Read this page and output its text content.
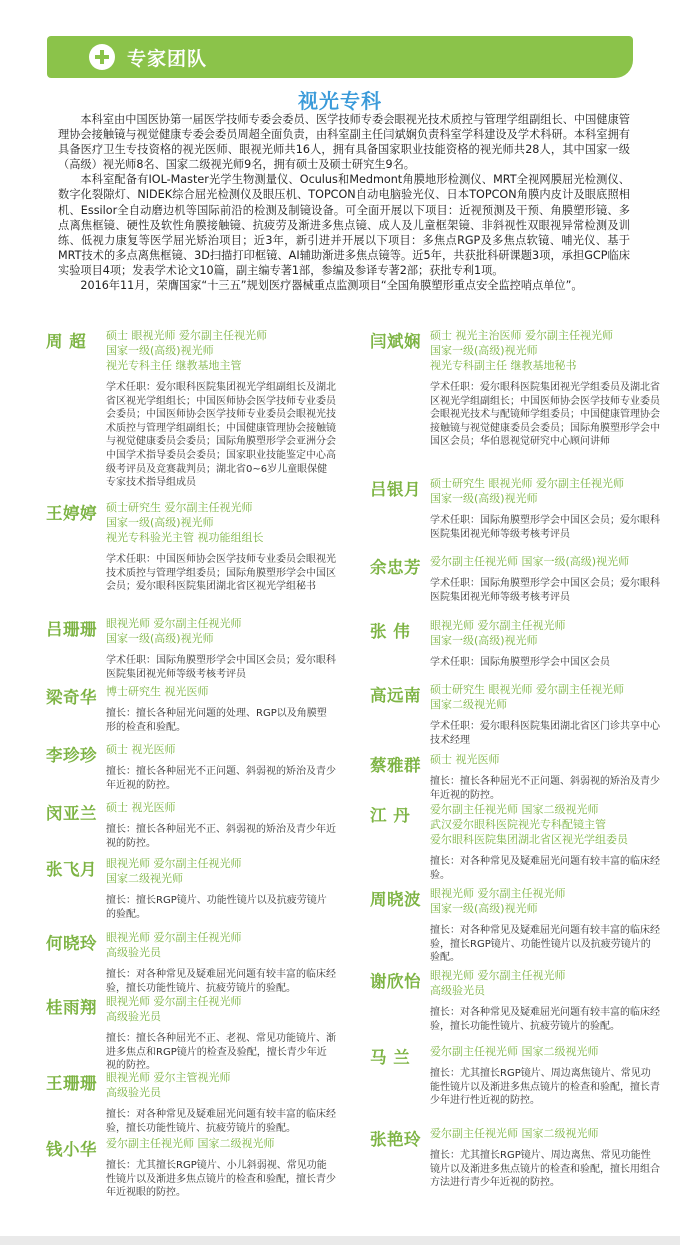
专家团队
视光专科

本科室由中国医协第一届医学技师专委会委员、医学技师专委会眼视光技术质控与管理学组副组长、中国健康管理协会接触镜与视觉健康专委会委员周超全面负责，由科室副主任闫斌娴负责科室学科建设及学术科研。本科室拥有具备医疗卫生专技资格的视光医师、眼视光师共16人，拥有具备国家职业技能资格的视光师共28人，其中国家一级（高级）视光师8名、国家二级视光师9名，拥有硕士及硕士研究生9名。

本科室配备有IOL-Master光学生物测量仪、Oculus和Medmont角膜地形检测仪、MRT全视网膜屈光检测仪、数字化裂隙灯、NIDEK综合屈光检测仪及眼压机、TOPCON自动电脑验光仪、日本TOPCON角膜内皮计及眼底照相机、Essilor全自动磨边机等国际前沿的检测及制镜设备。可全面开展以下项目：近视预测及干预、角膜塑形镜、多点离焦框镜、硬性及软性角膜接触镜、抗疲劳及渐进多焦点镜、成人及儿童框架镜、非斜视性双眼视异常检测及训练、低视力康复等医学屈光矫治项目；近3年，新引进并开展以下项目：多焦点RGP及多焦点软镜、哺光仪、基于MRT技术的多点离焦框镜、3D扫描打印框镜、AI辅助渐进多焦点镜等。近5年，共获批科研课题3项，承担GCP临床实验项目4项；发表学术论文10篇，副主编专著1部，参编及参译专著2部；获批专利1项。

2016年11月，荣膺国家“十三五”规划医疗器械重点监测项目“全国角膜塑形重点安全监控哨点单位”。

周 超 硕士 眼视光师 爱尔副主任视光师
国家一级(高级)视光师
视光专科主任 继教基地主管
学术任职：爱尔眼科医院集团视光学组副组长及湖北省区视光学组组长；中国医师协会医学技师专业委员会委员；中国医师协会医学技师专业委员会眼视光技术质控与管理学组副组长；中国健康管理协会接触镜与视觉健康委员会委员；国际角膜塑形学会亚洲分会中国学术指导委员会委员；国家职业技能鉴定中心高级考评员及竞赛裁判员；湖北省0~6岁儿童眼保健专家技术指导组成员
王婷婷 硕士研究生 爱尔副主任视光师
国家一级(高级)视光师
视光专科验光主管 视功能组组长
学术任职：中国医师协会医学技师专业委员会眼视光技术质控与管理学组委员；国际角膜塑形学会中国区会员；爱尔眼科医院集团湖北省区视光学组秘书
吕珊珊 眼视光师 爱尔副主任视光师
国家一级(高级)视光师
学术任职：国际角膜塑形学会中国区会员；爱尔眼科医院集团视光师等级考核考评员
梁奇华 博士研究生 视光医师
擅长：擅长各种屈光问题的处理、RGP以及角膜塑形的检查和验配。
李珍珍 硕士 视光医师
擅长：擅长各种屈光不正问题、斜弱视的矫治及青少年近视的防控。
闵亚兰 硕士 视光医师
擅长：擅长各种屈光不正、斜弱视的矫治及青少年近视的防控。
张飞月 眼视光师 爱尔副主任视光师
国家二级视光师
擅长：擅长RGP镜片、功能性镜片以及抗疲劳镜片的验配。
何晓玲 眼视光师 爱尔副主任视光师
高级验光员
擅长：对各种常见及疑难屈光问题有较丰富的临床经验，擅长功能性镜片、抗疲劳镜片的验配。
桂雨翔 眼视光师 爱尔副主任视光师
高级验光员
擅长：擅长各种屈光不正、老视、常见功能镜片、渐进多焦点和RGP镜片的检查及验配，擅长青少年近视的防控。
王珊珊 眼视光师 爱尔主管视光师
高级验光员
擅长：对各种常见及疑难屈光问题有较丰富的临床经验，擅长功能性镜片、抗疲劳镜片的验配。
钱小华 爱尔副主任视光师 国家二级视光师
擅长：尤其擅长RGP镜片、小儿斜弱视、常见功能性镜片以及渐进多焦点镜片的检查和验配，擅长青少年近视眼的防控。
闫斌娴 硕士 视光主治医师 爱尔副主任视光师
国家一级(高级)视光师
视光专科副主任 继教基地秘书
学术任职：爱尔眼科医院集团视光学组委员及湖北省区视光学组副组长；中国医师协会医学技师专业委员会眼视光技术与配镜师学组委员；中国健康管理协会接触镜与视觉健康委员会委员；国际角膜塑形学会中国区会员；华伯恩视觉研究中心顾问讲师
吕银月 硕士研究生 眼视光师 爱尔副主任视光师
国家一级(高级)视光师
学术任职：国际角膜塑形学会中国区会员；爱尔眼科医院集团视光师等级考核考评员
余忠芳 爱尔副主任视光师 国家一级(高级)视光师
学术任职：国际角膜塑形学会中国区会员；爱尔眼科医院集团视光师等级考核考评员
张 伟 眼视光师 爱尔副主任视光师
国家一级(高级)视光师
学术任职：国际角膜塑形学会中国区会员
高远南 硕士研究生 眼视光师 爱尔副主任视光师
国家二级视光师
学术任职：爱尔眼科医院集团湖北省区门诊共享中心技术经理
蔡雅群 硕士 视光医师
擅长：擅长各种屈光不正问题、斜弱视的矫治及青少年近视的防控。
江 丹 爱尔副主任视光师 国家二级视光师
武汉爱尔眼科医院视光专科配镜主管
爱尔眼科医院集团湖北省区视光学组委员
擅长：对各种常见及疑难屈光问题有较丰富的临床经验。
周晓波 眼视光师 爱尔副主任视光师
国家一级(高级)视光师
擅长：对各种常见及疑难屈光问题有较丰富的临床经验，擅长RGP镜片、功能性镜片以及抗疲劳镜片的验配。
谢欣怡 眼视光师 爱尔副主任视光师
高级验光员
擅长：对各种常见及疑难屈光问题有较丰富的临床经验，擅长功能性镜片、抗疲劳镜片的验配。
马 兰 爱尔副主任视光师 国家二级视光师
擅长：尤其擅长RGP镜片、周边离焦镜片、常见功能性镜片以及渐进多焦点镜片的检查和验配，擅长青少年进行性近视的防控。
张艳玲 爱尔副主任视光师 国家二级视光师
擅长：尤其擅长RGP镜片、周边离焦、常见功能性镜片以及渐进多焦点镜片的检查和验配，擅长用组合方法进行青少年近视的防控。
